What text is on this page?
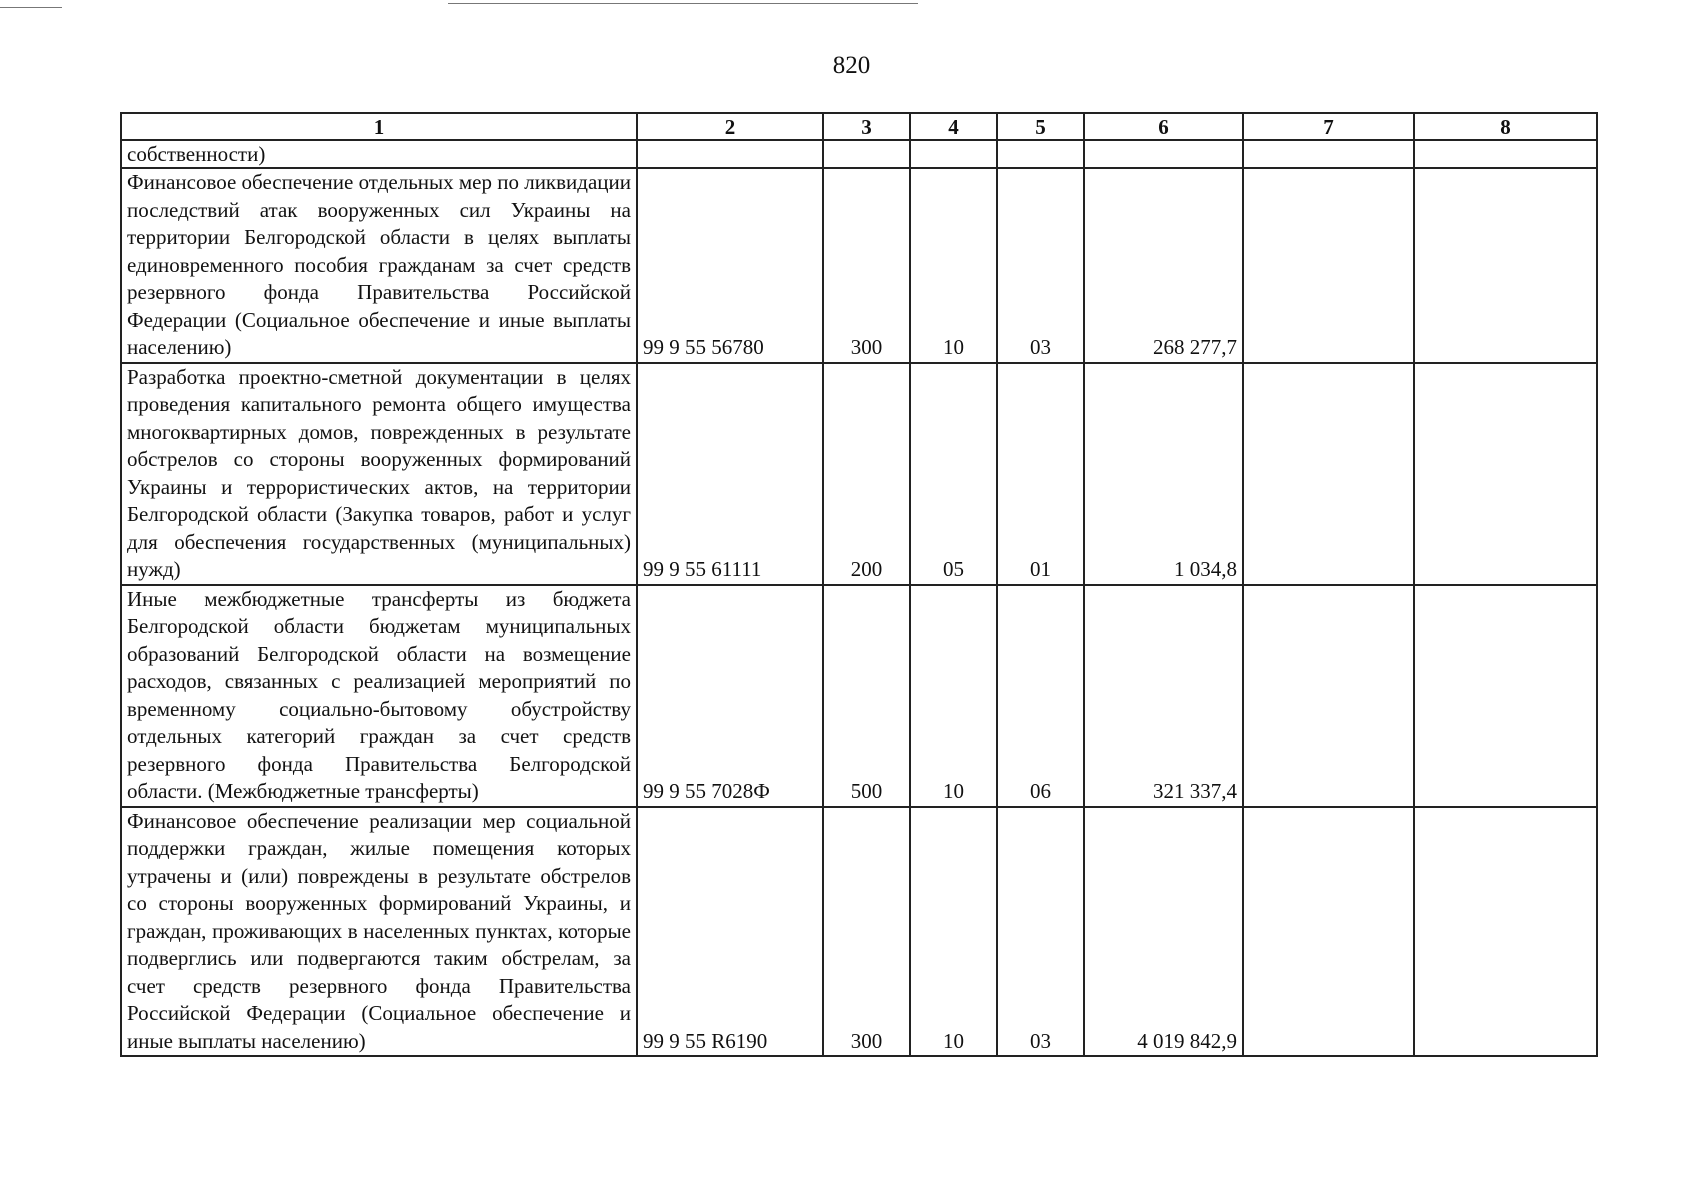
820
1	2	3	4	5	6	7	8
собственности)							
Финансовое обеспечение отдельных мер по ликвидации последствий атак вооруженных сил Украины на территории Белгородской области в целях выплаты единовременного пособия гражданам за счет средств резервного фонда Правительства Российской Федерации (Социальное обеспечение и иные выплаты населению)	99 9 55 56780	300	10	03	268 277,7		
Разработка проектно-сметной документации в целях проведения капитального ремонта общего имущества многоквартирных домов, поврежденных в результате обстрелов со стороны вооруженных формирований Украины и террористических актов, на территории Белгородской области (Закупка товаров, работ и услуг для обеспечения государственных (муниципальных) нужд)	99 9 55 61111	200	05	01	1 034,8		
Иные межбюджетные трансферты из бюджета Белгородской области бюджетам муниципальных образований Белгородской области на возмещение расходов, связанных с реализацией мероприятий по временному социально-бытовому обустройству отдельных категорий граждан за счет средств резервного фонда Правительства Белгородской области. (Межбюджетные трансферты)	99 9 55 7028Ф	500	10	06	321 337,4		
Финансовое обеспечение реализации мер социальной поддержки граждан, жилые помещения которых утрачены и (или) повреждены в результате обстрелов со стороны вооруженных формирований Украины, и граждан, проживающих в населенных пунктах, которые подверглись или подвергаются таким обстрелам, за счет средств резервного фонда Правительства Российской Федерации (Социальное обеспечение и иные выплаты населению)	99 9 55 R6190	300	10	03	4 019 842,9		
